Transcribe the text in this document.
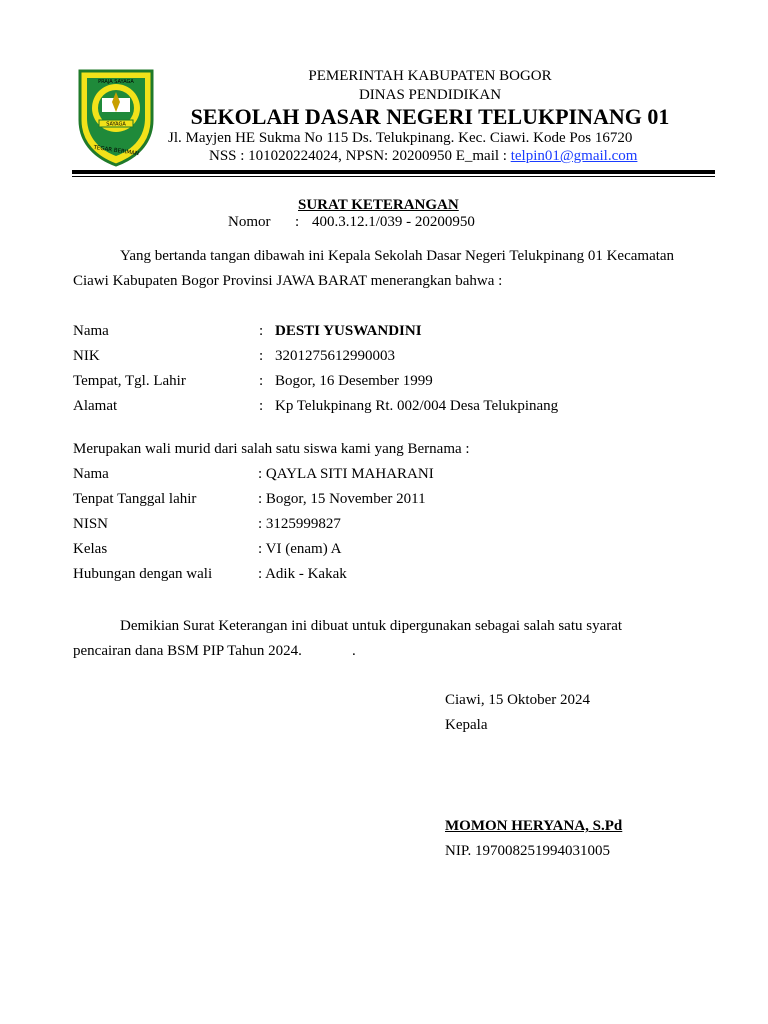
SAYAGA
PRAJA SAYAGA
TEGAR BERIMAN
PEMERINTAH KABUPATEN BOGOR
DINAS PENDIDIKAN
SEKOLAH DASAR NEGERI TELUKPINANG 01
Jl. Mayjen HE Sukma No 115 Ds. Telukpinang. Kec. Ciawi. Kode Pos 16720
NSS : 101020224024, NPSN: 20200950 E_mail : telpin01@gmail.com
SURAT KETERANGAN
Nomor : 400.3.12.1/039 - 20200950
Yang bertanda tangan dibawah ini Kepala Sekolah Dasar Negeri Telukpinang 01 Kecamatan
Ciawi Kabupaten Bogor Provinsi JAWA BARAT menerangkan bahwa :
Nama	: DESTI YUSWANDINI
NIK	: 3201275612990003
Tempat, Tgl. Lahir	: Bogor, 16 Desember 1999
Alamat	: Kp Telukpinang Rt. 002/004 Desa Telukpinang
Merupakan wali murid dari salah satu siswa kami yang Bernama :
Nama	: QAYLA SITI MAHARANI
Tenpat Tanggal lahir	: Bogor, 15 November 2011
NISN	: 3125999827
Kelas	: VI (enam) A
Hubungan dengan wali	: Adik - Kakak
Demikian Surat Keterangan ini dibuat untuk dipergunakan sebagai salah satu syarat
pencairan dana BSM PIP Tahun 2024.	.
Ciawi, 15 Oktober 2024
Kepala
MOMON HERYANA, S.Pd
NIP. 197008251994031005
